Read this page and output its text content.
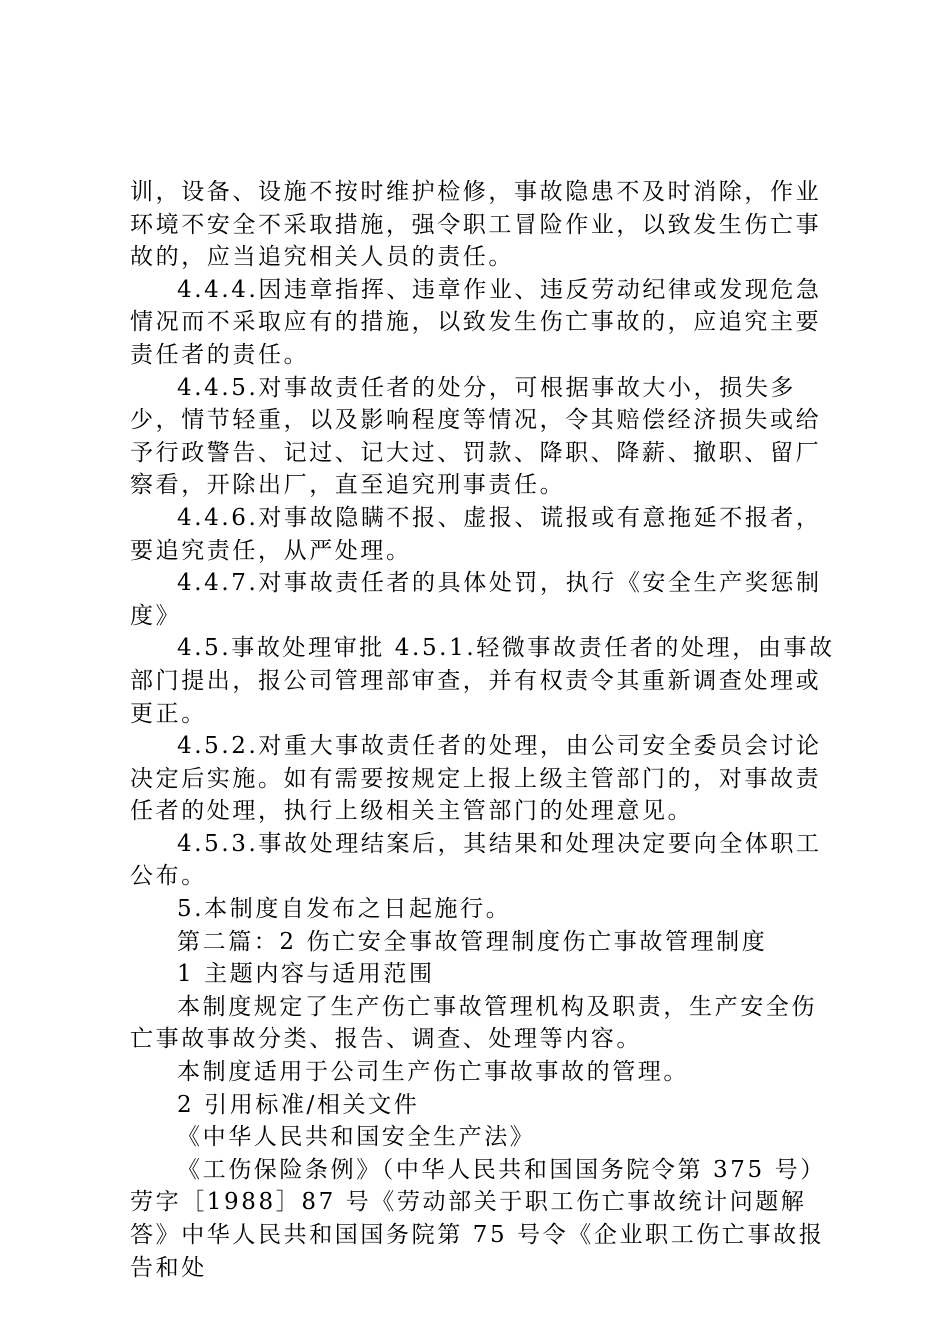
训，设备、设施不按时维护检修，事故隐患不及时消除，作业环境不安全不采取措施，强令职工冒险作业，以致发生伤亡事故的，应当追究相关人员的责任。

4.4.4.因违章指挥、违章作业、违反劳动纪律或发现危急情况而不采取应有的措施，以致发生伤亡事故的，应追究主要责任者的责任。

4.4.5.对事故责任者的处分，可根据事故大小，损失多少，情节轻重，以及影响程度等情况，令其赔偿经济损失或给予行政警告、记过、记大过、罚款、降职、降薪、撤职、留厂察看，开除出厂，直至追究刑事责任。

4.4.6.对事故隐瞒不报、虚报、谎报或有意拖延不报者，要追究责任，从严处理。

4.4.7.对事故责任者的具体处罚，执行《安全生产奖惩制度》

4.5.事故处理审批 4.5.1.轻微事故责任者的处理，由事故部门提出，报公司管理部审查，并有权责令其重新调查处理或更正。

4.5.2.对重大事故责任者的处理，由公司安全委员会讨论决定后实施。如有需要按规定上报上级主管部门的，对事故责任者的处理，执行上级相关主管部门的处理意见。

4.5.3.事故处理结案后，其结果和处理决定要向全体职工公布。

5.本制度自发布之日起施行。

第二篇：2 伤亡安全事故管理制度伤亡事故管理制度

1 主题内容与适用范围

本制度规定了生产伤亡事故管理机构及职责，生产安全伤亡事故事故分类、报告、调查、处理等内容。

本制度适用于公司生产伤亡事故事故的管理。

2 引用标准/相关文件

《中华人民共和国安全生产法》

《工伤保险条例》（中华人民共和国国务院令第 375 号）劳字［1988］87 号《劳动部关于职工伤亡事故统计问题解答》中华人民共和国国务院第 75 号令《企业职工伤亡事故报告和处
